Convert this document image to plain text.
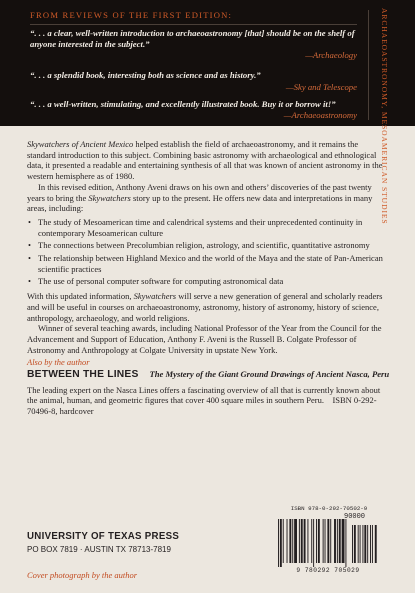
FROM REVIEWS OF THE FIRST EDITION:

“. . . a clear, well-written introduction to archaeoastronomy [that] should be on the shelf of anyone interested in the subject.”

—Archaeology

“. . . a splendid book, interesting both as science and as history.”

—Sky and Telescope

“. . . a well-written, stimulating, and excellently illustrated book. Buy it or borrow it!”

—Archaeoastronomy	ARCHAEOASTRONOMY, MESOAMERICAN STUDIES

Skywatchers of Ancient Mexico helped establish the field of archaeoastronomy, and it remains the standard introduction to this subject. Combining basic astronomy with archaeological and ethnological data, it presented a readable and entertaining synthesis of all that was known of ancient astronomy in the western hemisphere as of 1980.

In this revised edition, Anthony Aveni draws on his own and others’ discoveries of the past twenty years to bring the Skywatchers story up to the present. He offers new data and interpretations in many areas, including:

• The study of Mesoamerican time and calendrical systems and their unprecedented continuity in contemporary Mesoamerican culture
• The connections between Precolumbian religion, astrology, and scientific, quantitative astronomy
• The relationship between Highland Mexico and the world of the Maya and the state of Pan-American scientific practices
• The use of personal computer software for computing astronomical data

With this updated information, Skywatchers will serve a new generation of general and scholarly readers and will be useful in courses on archaeoastronomy, astronomy, history of astronomy, history of science, anthropology, archaeology, and world religions.

Winner of several teaching awards, including National Professor of the Year from the Council for the Advancement and Support of Education, Anthony F. Aveni is the Russell B. Colgate Professor of Astronomy and Anthropology at Colgate University in upstate New York.

Also by the author
BETWEEN THE LINES The Mystery of the Giant Ground Drawings of Ancient Nasca, Peru

The leading expert on the Nasca Lines offers a fascinating overview of all that is currently known about the animal, human, and geometric figures that cover 400 square miles in southern Peru. ISBN 0-292-70496-8, hardcover

ISBN 978-0-292-70502-9
9 780292 705029
UNIVERSITY OF TEXAS PRESS
PO BOX 7819 · AUSTIN TX 78713-7819
Cover photograph by the author
90000
